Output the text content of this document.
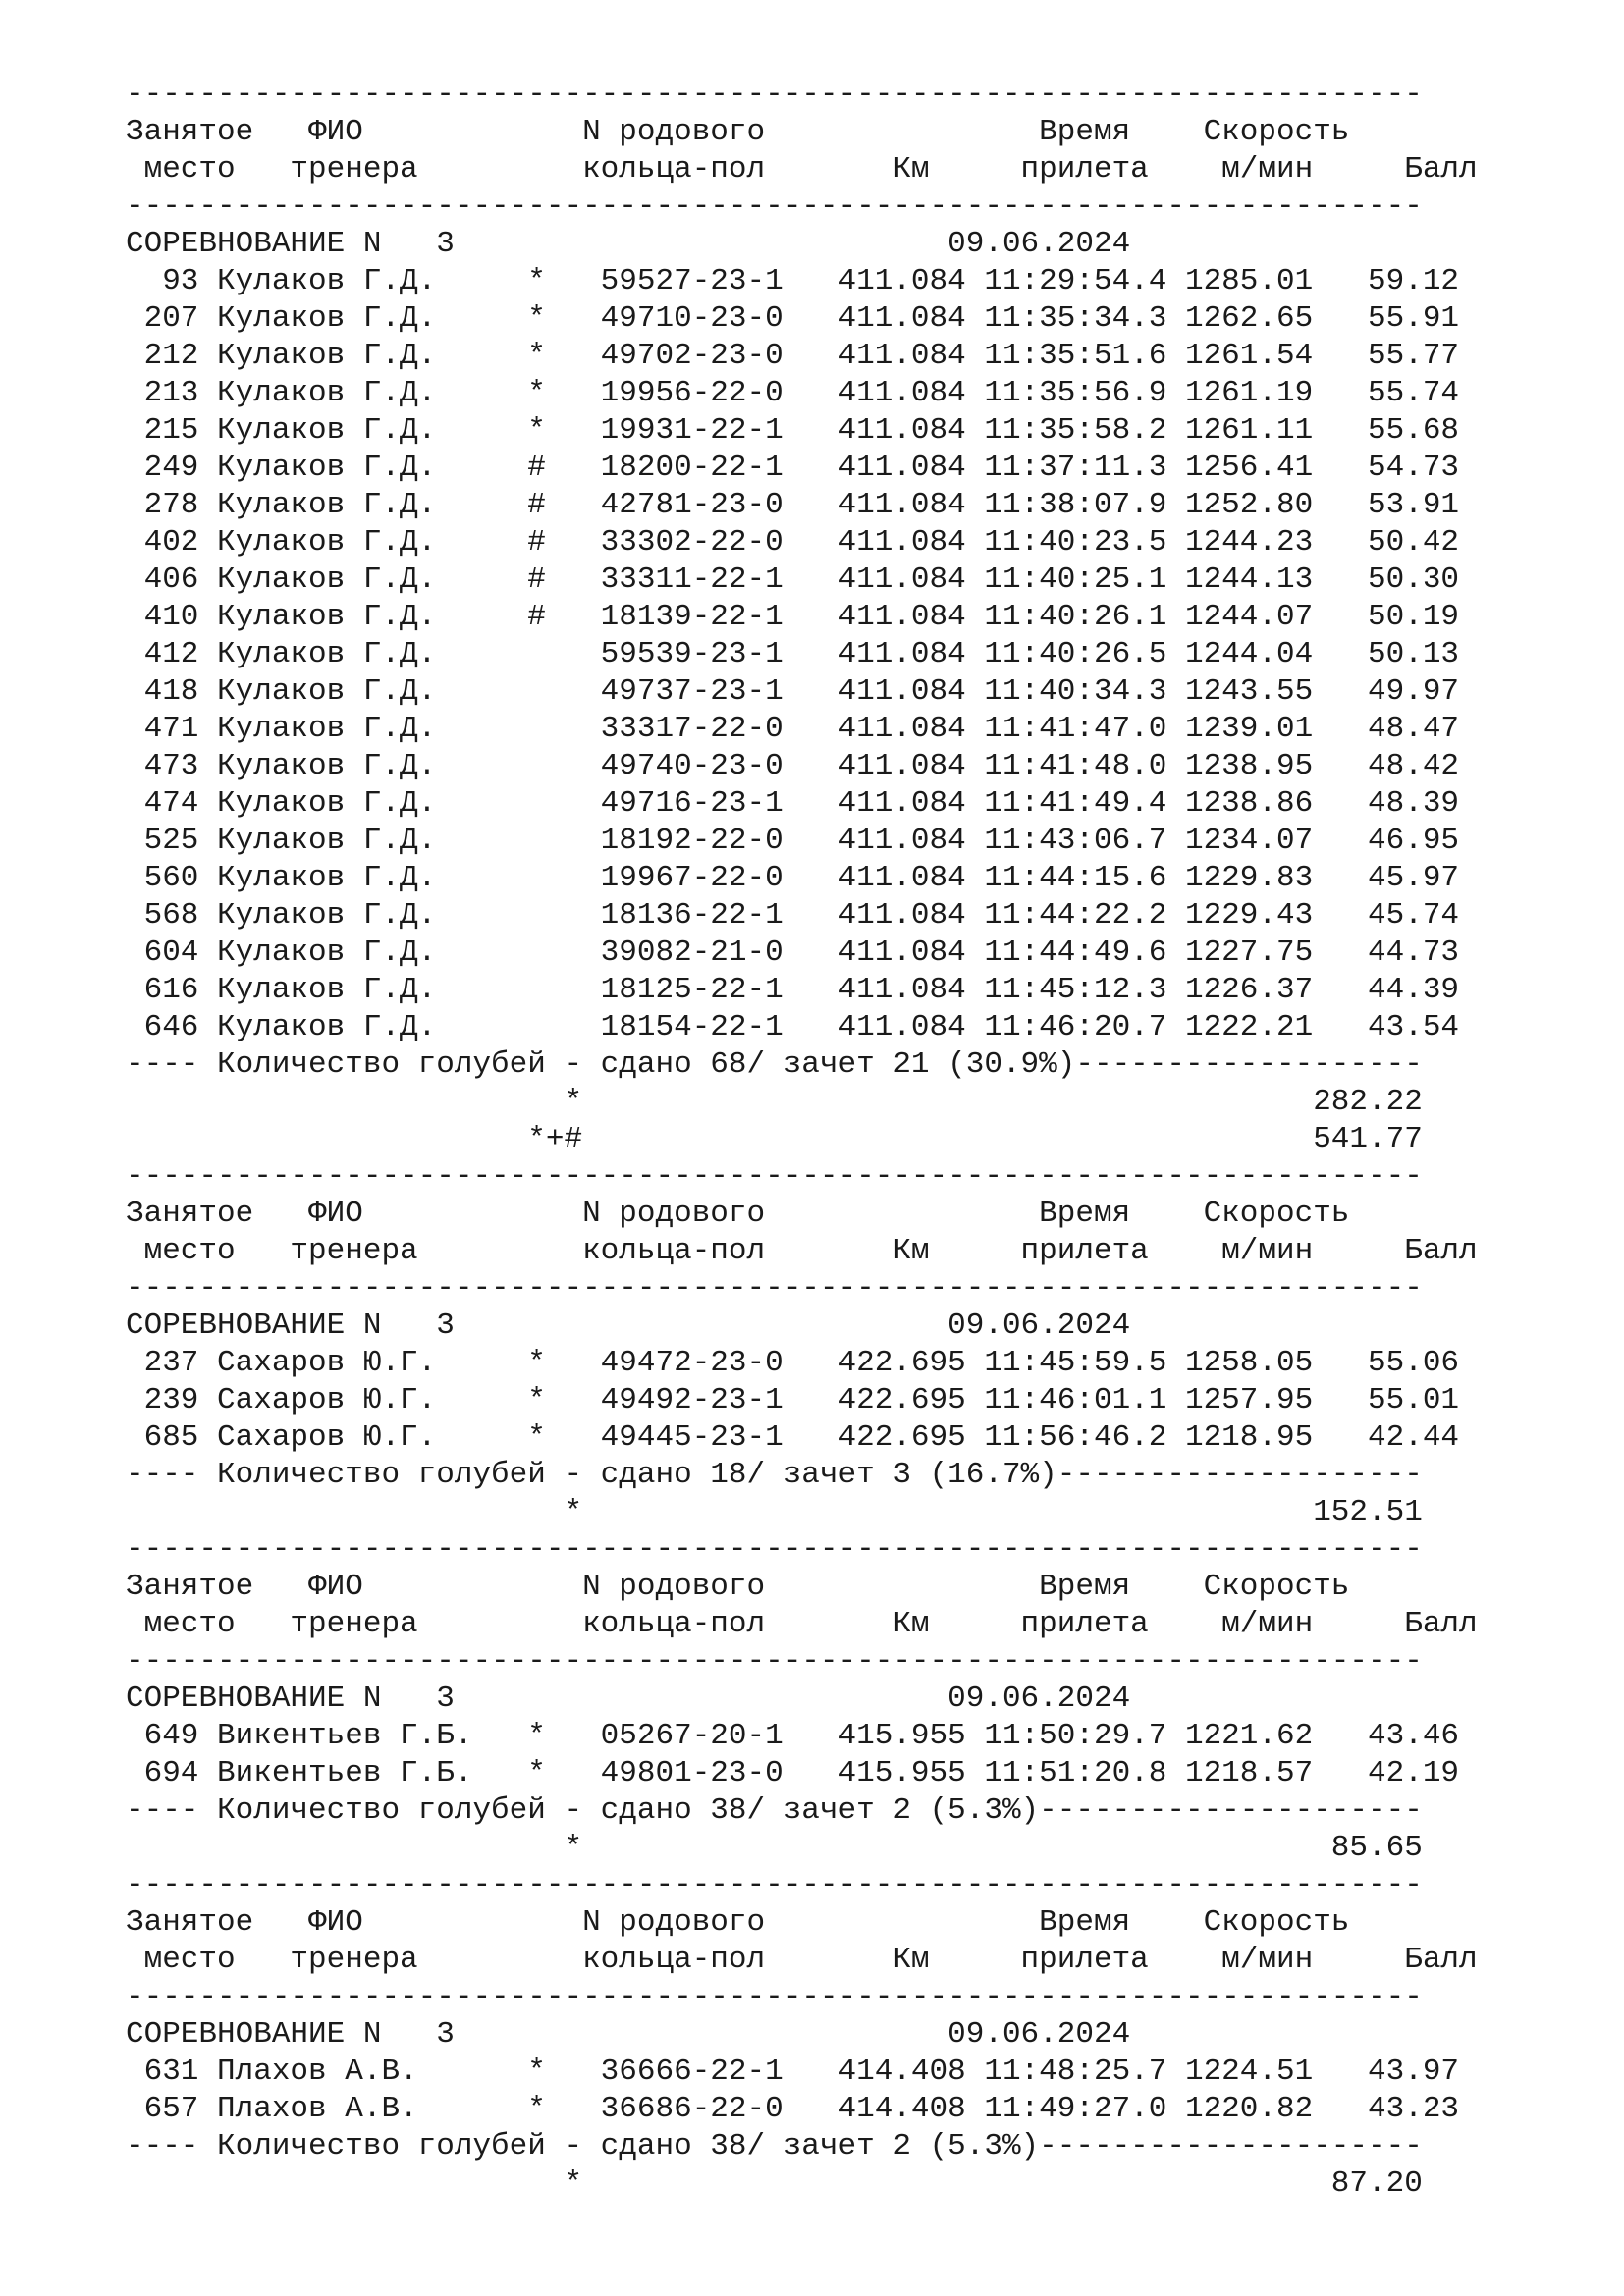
-----------------------------------------------------------------------
Занятое   ФИО            N родового               Время    Скорость
место   тренера         кольца-пол       Км     прилета    м/мин     Балл
-----------------------------------------------------------------------
СОРЕВНОВАНИЕ N   3                           09.06.2024
93 Кулаков Г.Д.     *   59527-23-1   411.084 11:29:54.4 1285.01   59.12
207 Кулаков Г.Д.     *   49710-23-0   411.084 11:35:34.3 1262.65   55.91
212 Кулаков Г.Д.     *   49702-23-0   411.084 11:35:51.6 1261.54   55.77
213 Кулаков Г.Д.     *   19956-22-0   411.084 11:35:56.9 1261.19   55.74
215 Кулаков Г.Д.     *   19931-22-1   411.084 11:35:58.2 1261.11   55.68
249 Кулаков Г.Д.     #   18200-22-1   411.084 11:37:11.3 1256.41   54.73
278 Кулаков Г.Д.     #   42781-23-0   411.084 11:38:07.9 1252.80   53.91
402 Кулаков Г.Д.     #   33302-22-0   411.084 11:40:23.5 1244.23   50.42
406 Кулаков Г.Д.     #   33311-22-1   411.084 11:40:25.1 1244.13   50.30
410 Кулаков Г.Д.     #   18139-22-1   411.084 11:40:26.1 1244.07   50.19
412 Кулаков Г.Д.         59539-23-1   411.084 11:40:26.5 1244.04   50.13
418 Кулаков Г.Д.         49737-23-1   411.084 11:40:34.3 1243.55   49.97
471 Кулаков Г.Д.         33317-22-0   411.084 11:41:47.0 1239.01   48.47
473 Кулаков Г.Д.         49740-23-0   411.084 11:41:48.0 1238.95   48.42
474 Кулаков Г.Д.         49716-23-1   411.084 11:41:49.4 1238.86   48.39
525 Кулаков Г.Д.         18192-22-0   411.084 11:43:06.7 1234.07   46.95
560 Кулаков Г.Д.         19967-22-0   411.084 11:44:15.6 1229.83   45.97
568 Кулаков Г.Д.         18136-22-1   411.084 11:44:22.2 1229.43   45.74
604 Кулаков Г.Д.         39082-21-0   411.084 11:44:49.6 1227.75   44.73
616 Кулаков Г.Д.         18125-22-1   411.084 11:45:12.3 1226.37   44.39
646 Кулаков Г.Д.         18154-22-1   411.084 11:46:20.7 1222.21   43.54
---- Количество голубей - сдано 68/ зачет 21 (30.9%)-------------------
*                                        282.22
*+#                                        541.77
-----------------------------------------------------------------------
Занятое   ФИО            N родового               Время    Скорость
место   тренера         кольца-пол       Км     прилета    м/мин     Балл
-----------------------------------------------------------------------
СОРЕВНОВАНИЕ N   3                           09.06.2024
237 Сахаров Ю.Г.     *   49472-23-0   422.695 11:45:59.5 1258.05   55.06
239 Сахаров Ю.Г.     *   49492-23-1   422.695 11:46:01.1 1257.95   55.01
685 Сахаров Ю.Г.     *   49445-23-1   422.695 11:56:46.2 1218.95   42.44
---- Количество голубей - сдано 18/ зачет 3 (16.7%)--------------------
*                                        152.51
-----------------------------------------------------------------------
Занятое   ФИО            N родового               Время    Скорость
место   тренера         кольца-пол       Км     прилета    м/мин     Балл
-----------------------------------------------------------------------
СОРЕВНОВАНИЕ N   3                           09.06.2024
649 Викентьев Г.Б.   *   05267-20-1   415.955 11:50:29.7 1221.62   43.46
694 Викентьев Г.Б.   *   49801-23-0   415.955 11:51:20.8 1218.57   42.19
---- Количество голубей - сдано 38/ зачет 2 (5.3%)---------------------
*                                         85.65
-----------------------------------------------------------------------
Занятое   ФИО            N родового               Время    Скорость
место   тренера         кольца-пол       Км     прилета    м/мин     Балл
-----------------------------------------------------------------------
СОРЕВНОВАНИЕ N   3                           09.06.2024
631 Плахов А.В.      *   36666-22-1   414.408 11:48:25.7 1224.51   43.97
657 Плахов А.В.      *   36686-22-0   414.408 11:49:27.0 1220.82   43.23
---- Количество голубей - сдано 38/ зачет 2 (5.3%)---------------------
*                                         87.20
